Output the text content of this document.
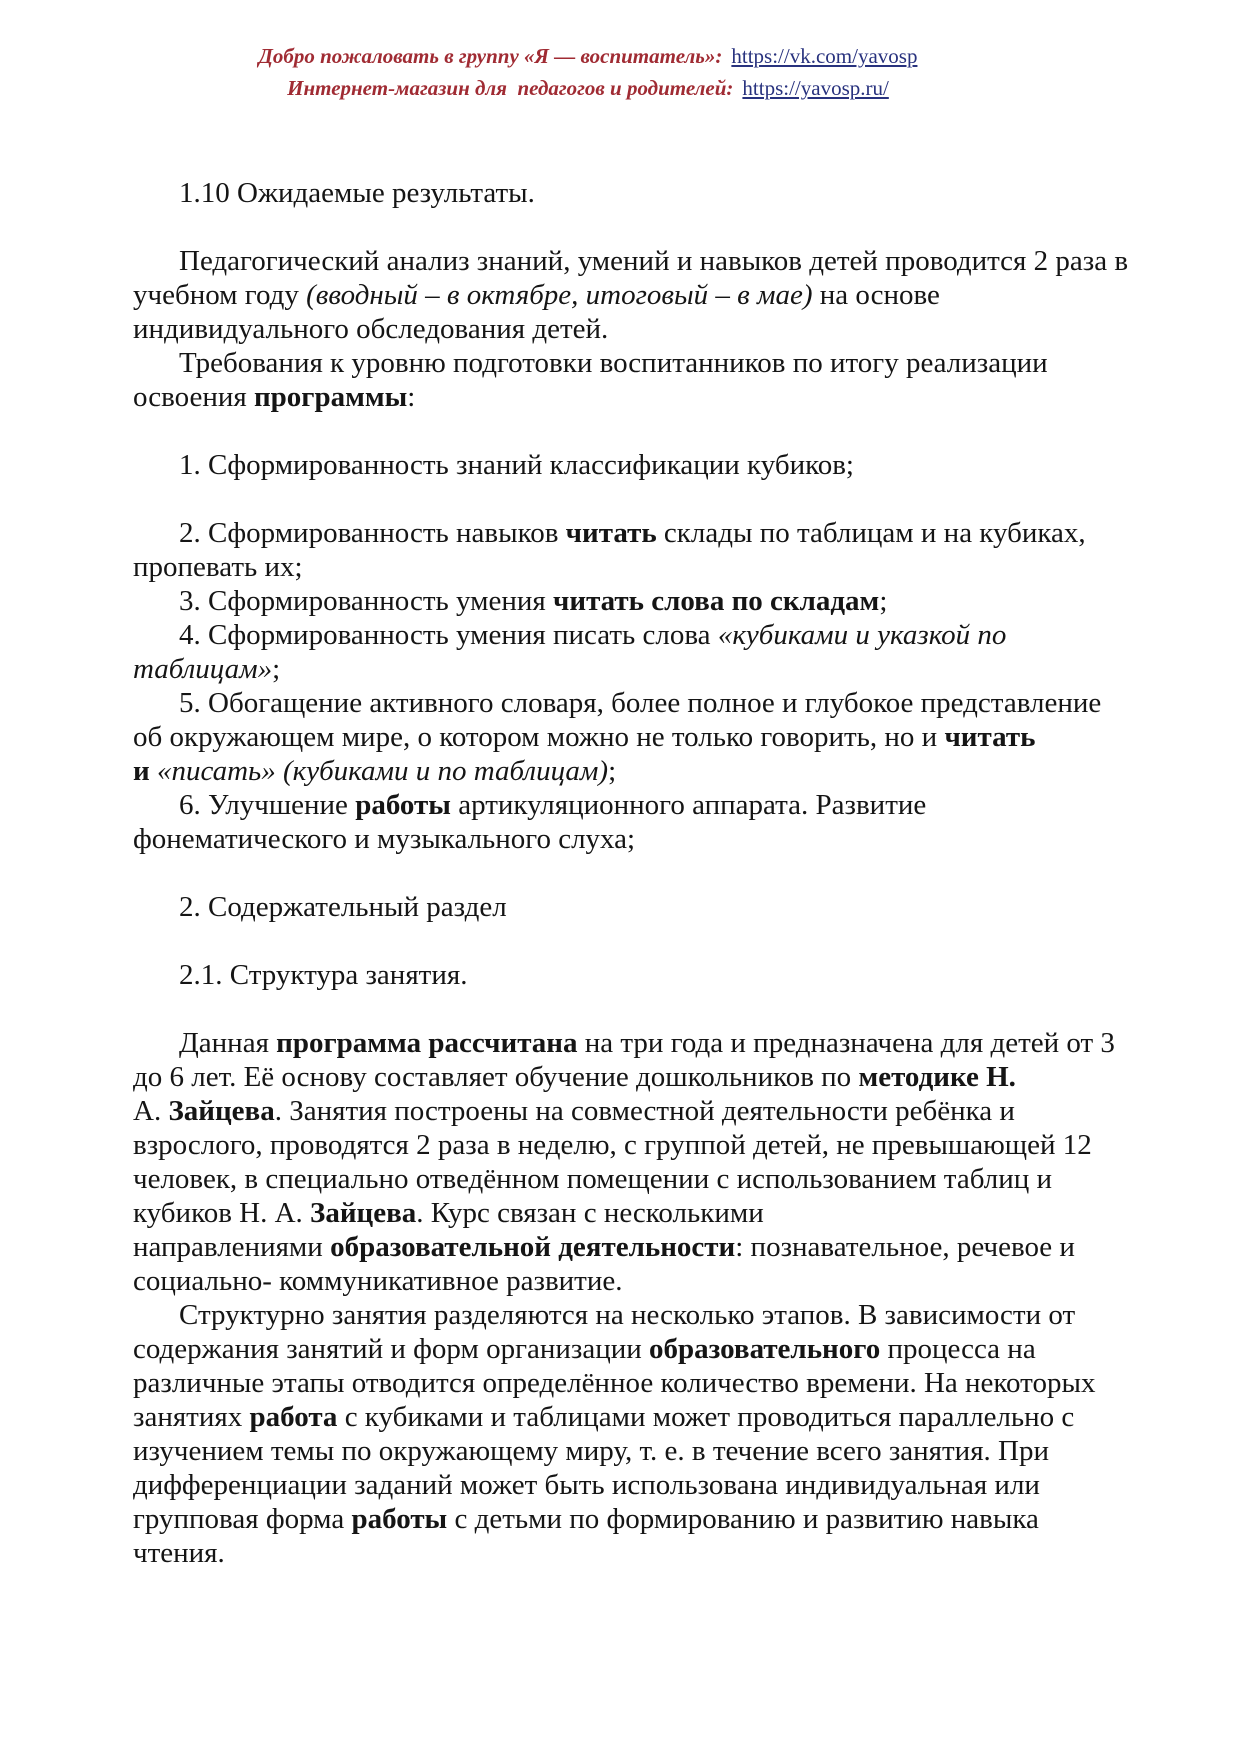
Добро пожаловать в группу «Я — воспитатель»: https://vk.com/yavosp
Интернет-магазин для  педагогов и родителей: https://yavosp.ru/
1.10 Ожидаемые результаты.

Педагогический анализ знаний, умений и навыков детей проводится 2 раза в
учебном году (вводный – в октябре, итоговый – в мае) на основе
индивидуального обследования детей.
Требования к уровню подготовки воспитанников по итогу реализации
освоения программы:

1. Сформированность знаний классификации кубиков;

2. Сформированность навыков читать склады по таблицам и на кубиках,
пропевать их;
3. Сформированность умения читать слова по складам;
4. Сформированность умения писать слова «кубиками и указкой по
таблицам»;
5. Обогащение активного словаря, более полное и глубокое представление
об окружающем мире, о котором можно не только говорить, но и читать
и «писать» (кубиками и по таблицам);
6. Улучшение работы артикуляционного аппарата. Развитие
фонематического и музыкального слуха;

2. Содержательный раздел

2.1. Структура занятия.

Данная программа рассчитана на три года и предназначена для детей от 3
до 6 лет. Её основу составляет обучение дошкольников по методике Н.
А. Зайцева. Занятия построены на совместной деятельности ребёнка и
взрослого, проводятся 2 раза в неделю, с группой детей, не превышающей 12
человек, в специально отведённом помещении с использованием таблиц и
кубиков Н. А. Зайцева. Курс связан с несколькими
направлениями образовательной деятельности: познавательное, речевое и
социально- коммуникативное развитие.
Структурно занятия разделяются на несколько этапов. В зависимости от
содержания занятий и форм организации образовательного процесса на
различные этапы отводится определённое количество времени. На некоторых
занятиях работа с кубиками и таблицами может проводиться параллельно с
изучением темы по окружающему миру, т. е. в течение всего занятия. При
дифференциации заданий может быть использована индивидуальная или
групповая форма работы с детьми по формированию и развитию навыка
чтения.
